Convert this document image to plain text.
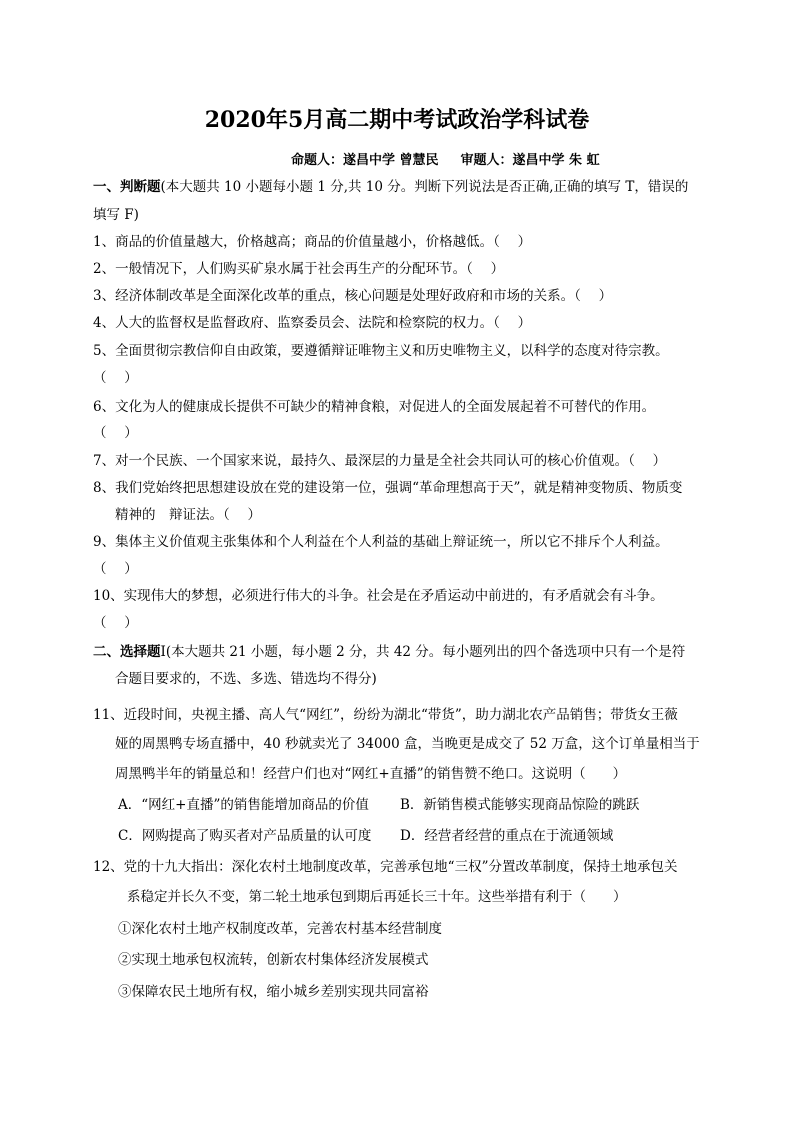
2020年5月高二期中考试政治学科试卷
命题人：遂昌中学 曾慧民 审题人：遂昌中学 朱 虹
一、判断题(本大题共 10 小题每小题 1 分,共 10 分。判断下列说法是否正确,正确的填写 T，错误的
填写 F)
1、商品的价值量越大，价格越高；商品的价值量越小，价格越低。（　 ）
2、一般情况下，人们购买矿泉水属于社会再生产的分配环节。（　 ）
3、经济体制改革是全面深化改革的重点，核心问题是处理好政府和市场的关系。（　 ）
4、人大的监督权是监督政府、监察委员会、法院和检察院的权力。（　 ）
5、全面贯彻宗教信仰自由政策，要遵循辩证唯物主义和历史唯物主义，以科学的态度对待宗教。
（　 ）
6、文化为人的健康成长提供不可缺少的精神食粮，对促进人的全面发展起着不可替代的作用。
（　 ）
7、对一个民族、一个国家来说，最持久、最深层的力量是全社会共同认可的核心价值观。（　 ）
8、我们党始终把思想建设放在党的建设第一位，强调“革命理想高于天”，就是精神变物质、物质变
精神的　辩证法。（　 ）
9、集体主义价值观主张集体和个人利益在个人利益的基础上辩证统一，所以它不排斥个人利益。
（　 ）
10、实现伟大的梦想，必须进行伟大的斗争。社会是在矛盾运动中前进的，有矛盾就会有斗争。
（　 ）
二、选择题I(本大题共 21 小题，每小题 2 分，共 42 分。每小题列出的四个备选项中只有一个是符
合题目要求的，不选、多选、错选均不得分)
11、近段时间，央视主播、高人气“网红”，纷纷为湖北“带货”，助力湖北农产品销售；带货女王薇
娅的周黑鸭专场直播中，40 秒就卖光了 34000 盒，当晚更是成交了 52 万盒，这个订单量相当于
周黑鸭半年的销量总和！经营户们也对“网红+直播”的销售赞不绝口。这说明（　　）
A．“网红+直播”的销售能增加商品的价值 B．新销售模式能够实现商品惊险的跳跃
C．网购提高了购买者对产品质量的认可度 D．经营者经营的重点在于流通领域
12、党的十九大指出：深化农村土地制度改革，完善承包地“三权”分置改革制度，保持土地承包关
系稳定并长久不变，第二轮土地承包到期后再延长三十年。这些举措有利于（　　）
①深化农村土地产权制度改革，完善农村基本经营制度
②实现土地承包权流转，创新农村集体经济发展模式
③保障农民土地所有权，缩小城乡差别实现共同富裕
